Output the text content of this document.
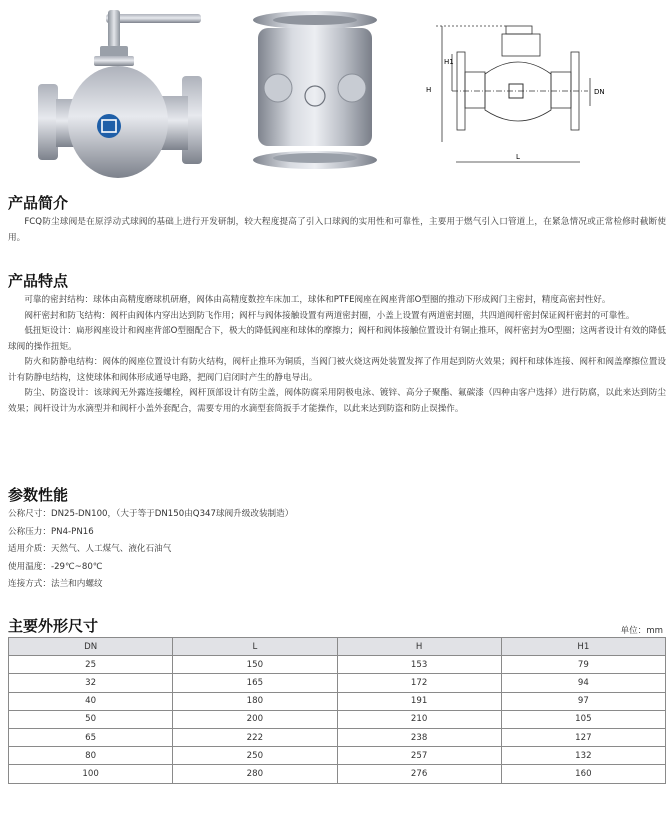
H1
H	DN
L
产品简介

FCQ防尘球阀是在原浮动式球阀的基础上进行开发研制，较大程度提高了引入口球阀的实用性和可靠性，主要用于燃气引入口管道上，在紧急情况或正常检修时截断使用。

产品特点

可靠的密封结构：球体由高精度磨球机研磨，阀体由高精度数控车床加工，球体和PTFE阀座在阀座背部O型圈的推动下形成阀门主密封，精度高密封性好。

阀杆密封和防飞结构：阀杆由阀体内穿出达到防飞作用；阀杆与阀体接触设置有两道密封圈，小盖上设置有两道密封圈，共四道阀杆密封保证阀杆密封的可靠性。

低扭矩设计：扁形阀座设计和阀座背部O型圈配合下，极大的降低阀座和球体的摩擦力；阀杆和阀体接触位置设计有铜止推环，阀杆密封为O型圈；这两者设计有效的降低球阀的操作扭矩。

防火和防静电结构：阀体的阀座位置设计有防火结构，阀杆止推环为铜质，当阀门被火烧这两处装置发挥了作用起到防火效果；阀杆和球体连接、阀杆和阀盖摩擦位置设计有防静电结构，这使球体和阀体形成通导电路，把阀门启闭时产生的静电导出。

防尘、防盗设计：该球阀无外露连接螺栓，阀杆顶部设计有防尘盖，阀体防腐采用阴极电泳、镀锌、高分子聚酯、氟碳漆（四种由客户选择）进行防腐，以此来达到防尘效果；阀杆设计为水滴型并和阀杆小盖外套配合，需要专用的水滴型套筒扳手才能操作，以此来达到防盗和防止误操作。

参数性能
公称尺寸：DN25-DN100，（大于等于DN150由Q347球阀升级改装制造）
公称压力：PN4-PN16
适用介质：天然气、人工煤气、液化石油气
使用温度：-29℃~80℃
连接方式：法兰和内螺纹
主要外形尺寸	单位：mm
DN	L	H	H1
25	150	153	79
32	165	172	94
40	180	191	97
50	200	210	105
65	222	238	127
80	250	257	132
100	280	276	160
